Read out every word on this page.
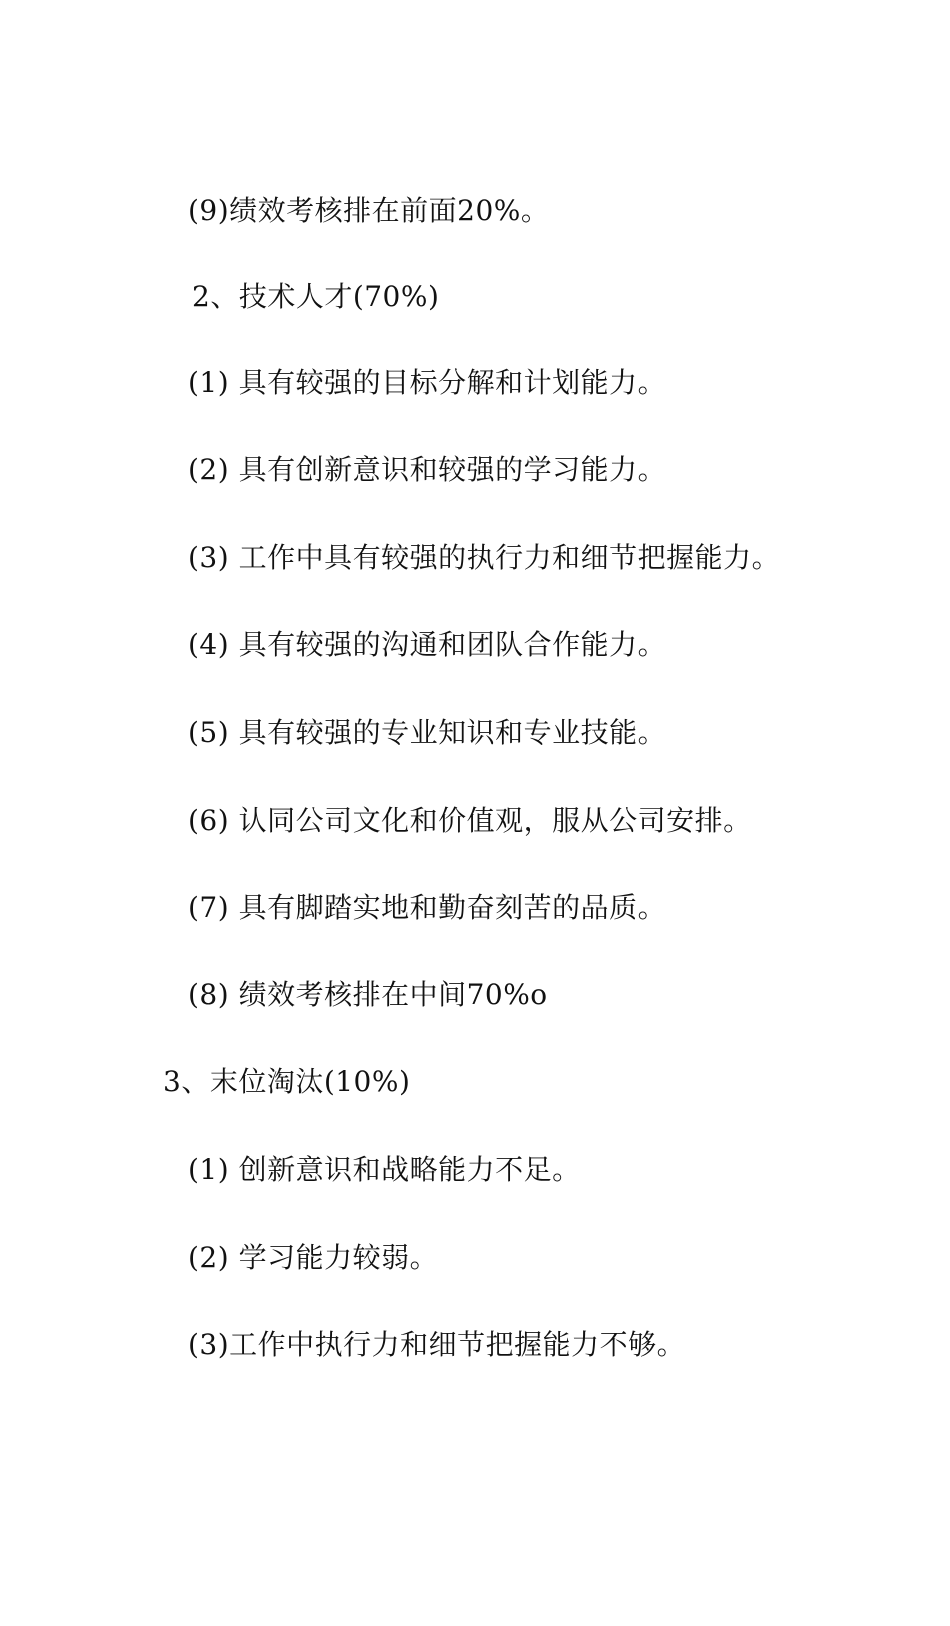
(9)绩效考核排在前面20%。
2、技术人才(70%)
(1) 具有较强的目标分解和计划能力。
(2) 具有创新意识和较强的学习能力。
(3) 工作中具有较强的执行力和细节把握能力。
(4) 具有较强的沟通和团队合作能力。
(5) 具有较强的专业知识和专业技能。
(6) 认同公司文化和价值观，服从公司安排。
(7) 具有脚踏实地和勤奋刻苦的品质。
(8) 绩效考核排在中间70%o
3、末位淘汰(10%)
(1) 创新意识和战略能力不足。
(2) 学习能力较弱。
(3)工作中执行力和细节把握能力不够。
